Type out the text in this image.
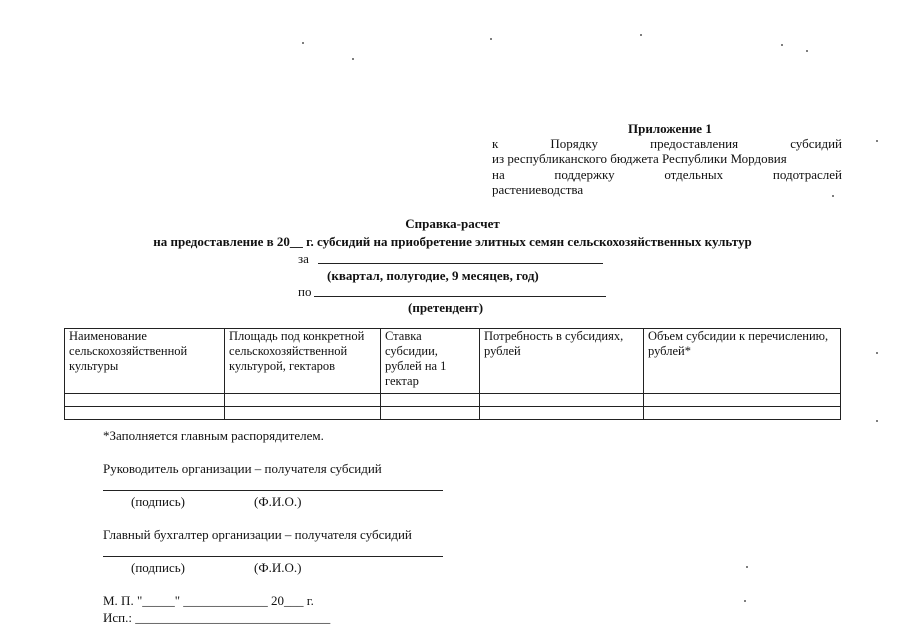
Приложение 1
к Порядку предоставления субсидий
из республиканского бюджета Республики Мордовия
на поддержку отдельных подотраслей
растениеводства
Справка-расчет
на предоставление в 20__ г. субсидий на приобретение элитных семян сельскохозяйственных культур
за
(квартал, полугодие, 9 месяцев, год)
по
(претендент)
Наименование сельскохозяйственной культуры	Площадь под конкретной сельскохозяйственной культурой, гектаров	Ставка субсидии, рублей на 1 гектар	Потребность в субсидиях, рублей	Объем субсидии к перечислению, рублей*

*Заполняется главным распорядителем.
Руководитель организации – получателя субсидий
(подпись)	(Ф.И.О.)
Главный бухгалтер организации – получателя субсидий
(подпись)	(Ф.И.О.)
М. П. "_____" _____________ 20___ г.
Исп.: ______________________________
